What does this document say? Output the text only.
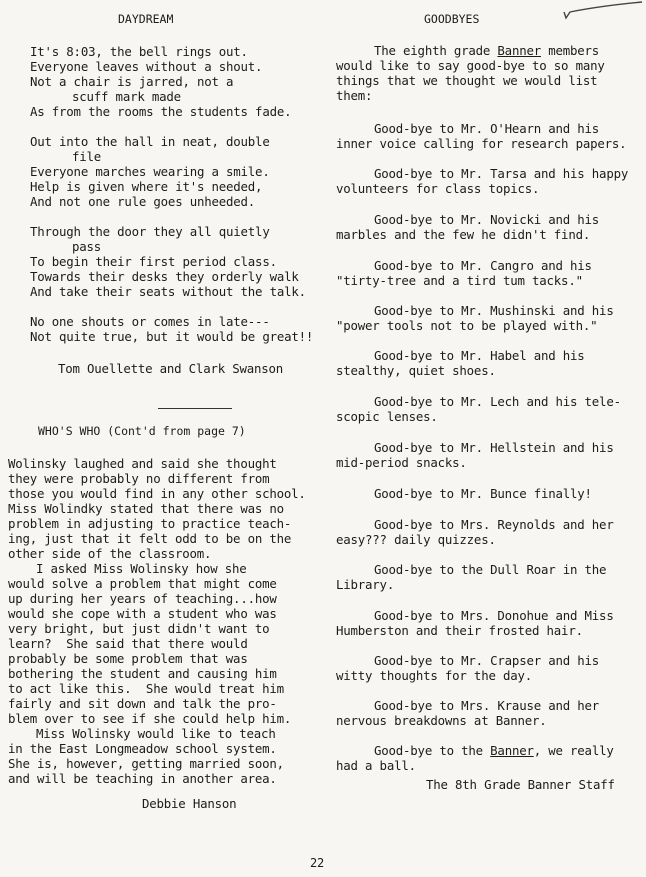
DAYDREAM
It's 8:03, the bell rings out.
Everyone leaves without a shout.
Not a chair is jarred, not a
scuff mark made
As from the rooms the students fade.
Out into the hall in neat, double
file
Everyone marches wearing a smile.
Help is given where it's needed,
And not one rule goes unheeded.
Through the door they all quietly
pass
To begin their first period class.
Towards their desks they orderly walk
And take their seats without the talk.
No one shouts or comes in late---
Not quite true, but it would be great!!
Tom Ouellette and Clark Swanson
WHO'S WHO (Cont'd from page 7)
Wolinsky laughed and said she thought
they were probably no different from
those you would find in any other school.
Miss Wolindky stated that there was no
problem in adjusting to practice teach-
ing, just that it felt odd to be on the
other side of the classroom.
I asked Miss Wolinsky how she
would solve a problem that might come
up during her years of teaching...how
would she cope with a student who was
very bright, but just didn't want to
learn?  She said that there would
probably be some problem that was
bothering the student and causing him
to act like this.  She would treat him
fairly and sit down and talk the pro-
blem over to see if she could help him.
Miss Wolinsky would like to teach
in the East Longmeadow school system.
She is, however, getting married soon,
and will be teaching in another area.
Debbie Hanson
GOODBYES
The eighth grade Banner members
would like to say good-bye to so many
things that we thought we would list
them:
Good-bye to Mr. O'Hearn and his
inner voice calling for research papers.
Good-bye to Mr. Tarsa and his happy
volunteers for class topics.
Good-bye to Mr. Novicki and his
marbles and the few he didn't find.
Good-bye to Mr. Cangro and his
"tirty-tree and a tird tum tacks."
Good-bye to Mr. Mushinski and his
"power tools not to be played with."
Good-bye to Mr. Habel and his
stealthy, quiet shoes.
Good-bye to Mr. Lech and his tele-
scopic lenses.
Good-bye to Mr. Hellstein and his
mid-period snacks.
Good-bye to Mr. Bunce finally!
Good-bye to Mrs. Reynolds and her
easy??? daily quizzes.
Good-bye to the Dull Roar in the
Library.
Good-bye to Mrs. Donohue and Miss
Humberston and their frosted hair.
Good-bye to Mr. Crapser and his
witty thoughts for the day.
Good-bye to Mrs. Krause and her
nervous breakdowns at Banner.
Good-bye to the Banner, we really
had a ball.
The 8th Grade Banner Staff
22
